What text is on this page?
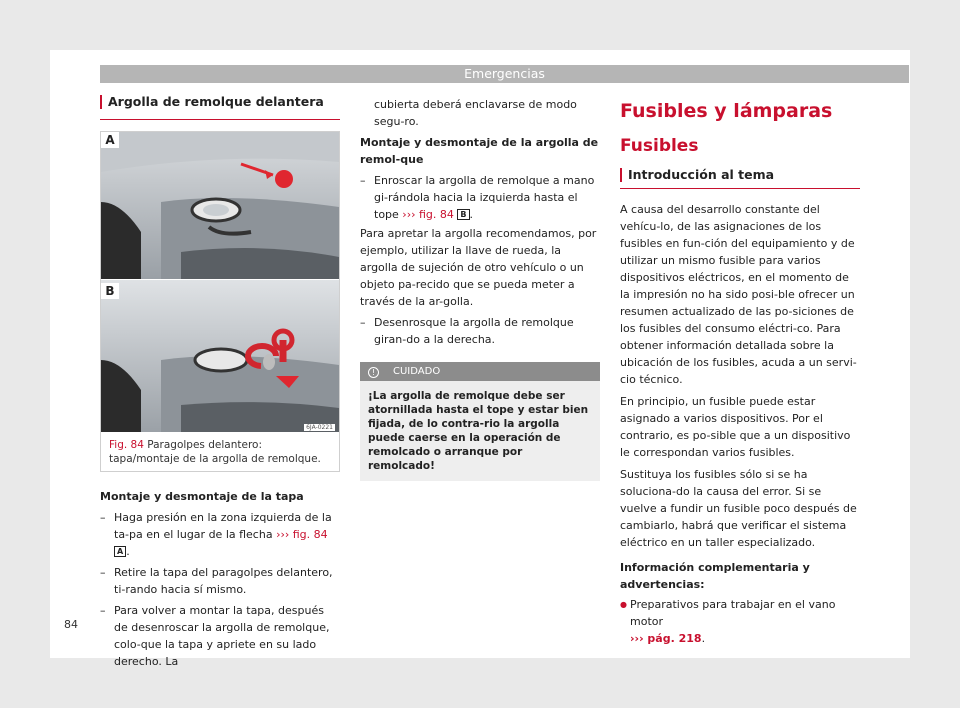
Emergencias
Argolla de remolque delantera
A
B
6JA-0221
Fig. 84 Paragolpes delantero: tapa/montaje de la argolla de remolque.
Montaje y desmontaje de la tapa
– Haga presión en la zona izquierda de la ta-pa en el lugar de la flecha ››› fig. 84 A .
– Retire la tapa del paragolpes delantero, ti-rando hacia sí mismo.
– Para volver a montar la tapa, después de desenroscar la argolla de remolque, colo-que la tapa y apriete en su lado derecho. La

cubierta deberá enclavarse de modo segu-ro.

Montaje y desmontaje de la argolla de remol-que
– Enroscar la argolla de remolque a mano gi-rándola hacia la izquierda hasta el tope ››› fig. 84 B .

Para apretar la argolla recomendamos, por ejemplo, utilizar la llave de rueda, la argolla de sujeción de otro vehículo o un objeto pa-recido que se pueda meter a través de la ar-golla.

– Desenrosque la argolla de remolque giran-do a la derecha.
! CUIDADO
¡La argolla de remolque debe ser atornillada hasta el tope y estar bien fijada, de lo contra-rio la argolla puede caerse en la operación de remolcado o arranque por remolcado!
Fusibles y lámparas
Fusibles
Introducción al tema

A causa del desarrollo constante del vehícu-lo, de las asignaciones de los fusibles en fun-ción del equipamiento y de utilizar un mismo fusible para varios dispositivos eléctricos, en el momento de la impresión no ha sido posi-ble ofrecer un resumen actualizado de las po-siciones de los fusibles del consumo eléctri-co. Para obtener información detallada sobre la ubicación de los fusibles, acuda a un servi-cio técnico.

En principio, un fusible puede estar asignado a varios dispositivos. Por el contrario, es po-sible que a un dispositivo le correspondan varios fusibles.

Sustituya los fusibles sólo si se ha soluciona-do la causa del error. Si se vuelve a fundir un fusible poco después de cambiarlo, habrá que verificar el sistema eléctrico en un taller especializado.

Información complementaria y advertencias:

● Preparativos para trabajar en el vano motor
››› pág. 218.

84
